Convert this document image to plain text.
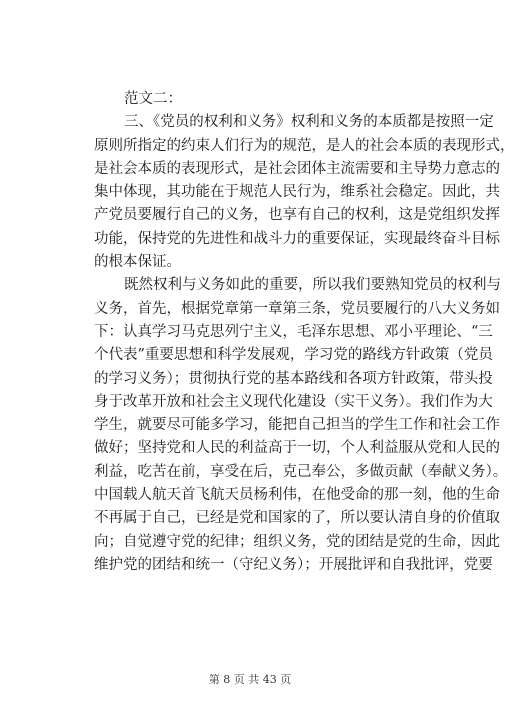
范文二：
三、《党员的权利和义务》权利和义务的本质都是按照一定
原则所指定的约束人们行为的规范，是人的社会本质的表现形式，
是社会本质的表现形式，是社会团体主流需要和主导势力意志的
集中体现，其功能在于规范人民行为，维系社会稳定。因此，共
产党员要履行自己的义务，也享有自己的权利，这是党组织发挥
功能，保持党的先进性和战斗力的重要保证，实现最终奋斗目标
的根本保证。
既然权利与义务如此的重要，所以我们要熟知党员的权利与
义务，首先，根据党章第一章第三条，党员要履行的八大义务如
下：认真学习马克思列宁主义，毛泽东思想、邓小平理论、“三
个代表”重要思想和科学发展观，学习党的路线方针政策（党员
的学习义务）；贯彻执行党的基本路线和各项方针政策，带头投
身于改革开放和社会主义现代化建设（实干义务）。我们作为大
学生，就要尽可能多学习，能把自己担当的学生工作和社会工作
做好；坚持党和人民的利益高于一切，个人利益服从党和人民的
利益，吃苦在前，享受在后，克己奉公，多做贡献（奉献义务）。
中国载人航天首飞航天员杨利伟，在他受命的那一刻，他的生命
不再属于自己，已经是党和国家的了，所以要认清自身的价值取
向；自觉遵守党的纪律；组织义务，党的团结是党的生命，因此
维护党的团结和统一（守纪义务）；开展批评和自我批评，党要
第 8 页 共 43 页
